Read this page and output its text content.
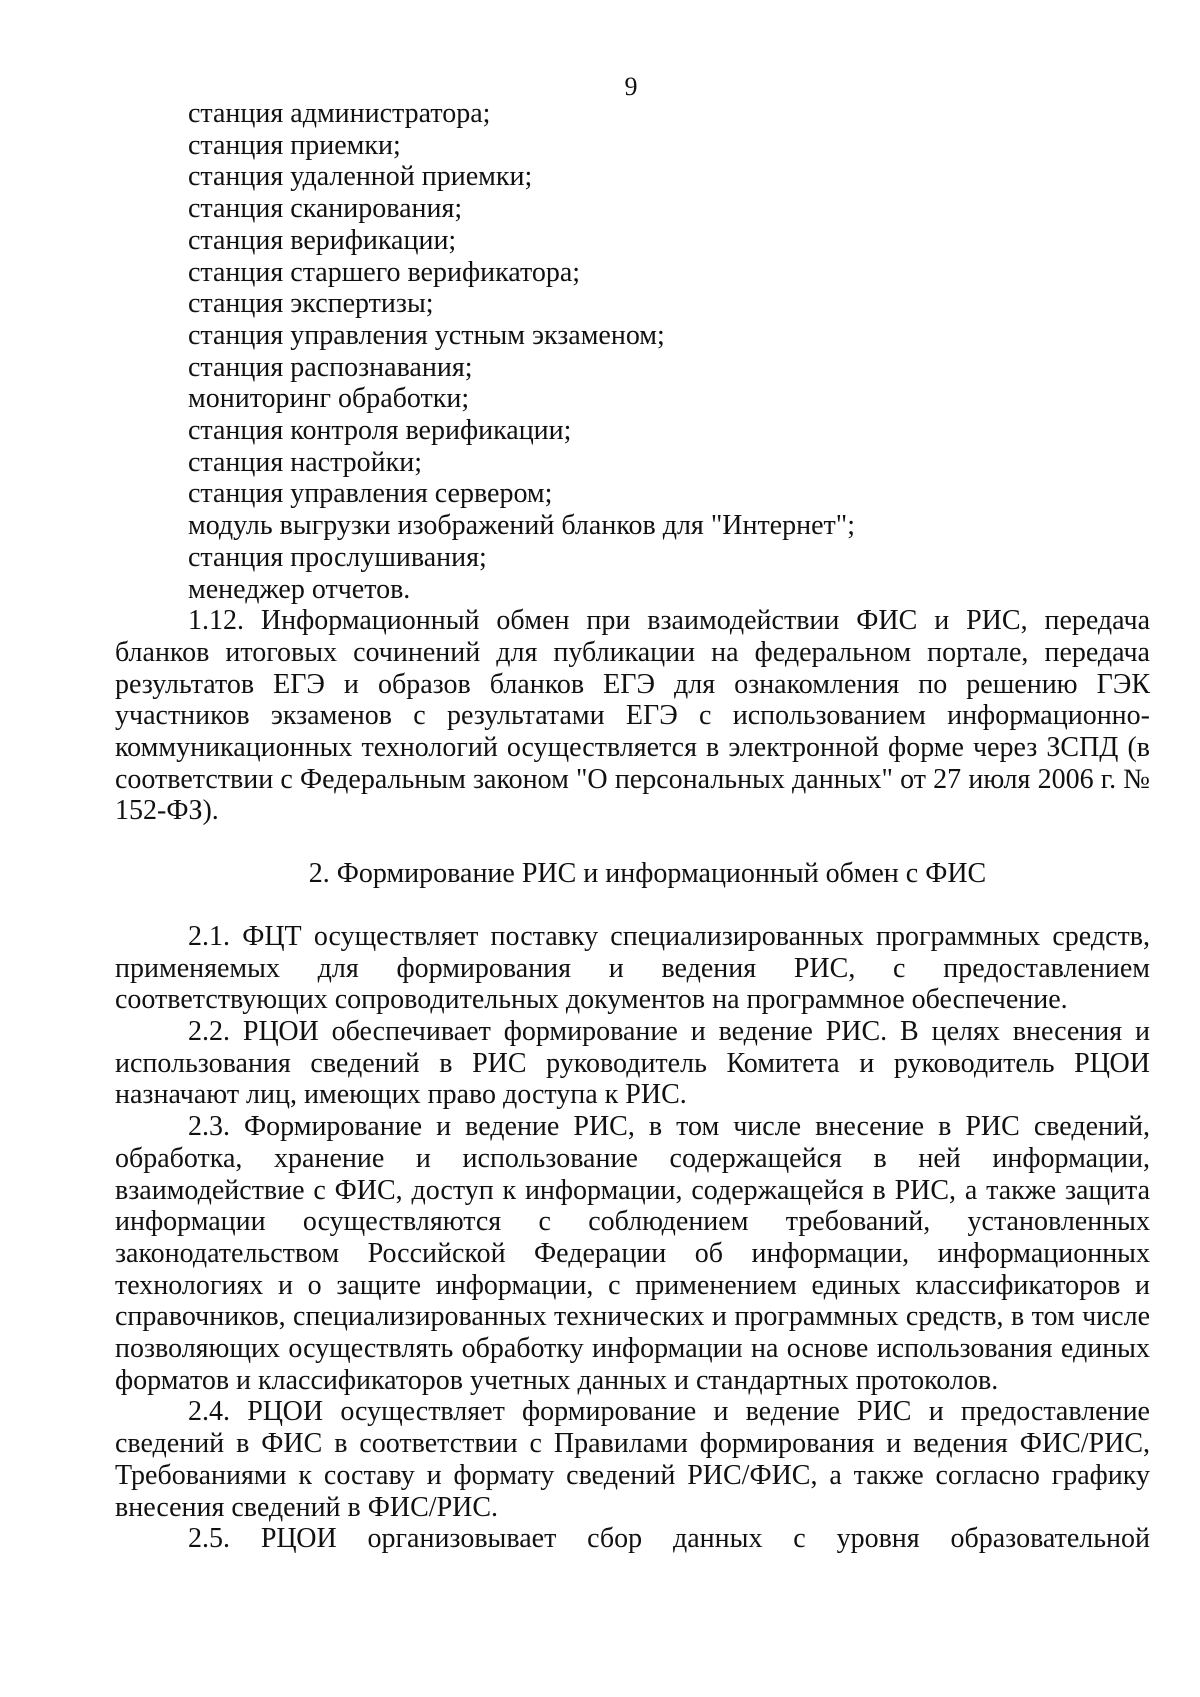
9
станция администратора;
станция приемки;
станция удаленной приемки;
станция сканирования;
станция верификации;
станция старшего верификатора;
станция экспертизы;
станция управления устным экзаменом;
станция распознавания;
мониторинг обработки;
станция контроля верификации;
станция настройки;
станция управления сервером;
модуль выгрузки изображений бланков для "Интернет";
станция прослушивания;
менеджер отчетов.

1.12. Информационный обмен при взаимодействии ФИС и РИС, передача бланков итоговых сочинений для публикации на федеральном портале, передача результатов ЕГЭ и образов бланков ЕГЭ для ознакомления по решению ГЭК участников экзаменов с результатами ЕГЭ с использованием информационно-коммуникационных технологий осуществляется в электронной форме через ЗСПД (в соответствии с Федеральным законом "О персональных данных" от 27 июля 2006 г. № 152-ФЗ).

2. Формирование РИС и информационный обмен с ФИС

2.1. ФЦТ осуществляет поставку специализированных программных средств, применяемых для формирования и ведения РИС, с предоставлением соответствующих сопроводительных документов на программное обеспечение.

2.2. РЦОИ обеспечивает формирование и ведение РИС. В целях внесения и использования сведений в РИС руководитель Комитета и руководитель РЦОИ назначают лиц, имеющих право доступа к РИС.

2.3. Формирование и ведение РИС, в том числе внесение в РИС сведений, обработка, хранение и использование содержащейся в ней информации, взаимодействие с ФИС, доступ к информации, содержащейся в РИС, а также защита информации осуществляются с соблюдением требований, установленных законодательством Российской Федерации об информации, информационных технологиях и о защите информации, с применением единых классификаторов и справочников, специализированных технических и программных средств, в том числе позволяющих осуществлять обработку информации на основе использования единых форматов и классификаторов учетных данных и стандартных протоколов.

2.4. РЦОИ осуществляет формирование и ведение РИС и предоставление сведений в ФИС в соответствии с Правилами формирования и ведения ФИС/РИС, Требованиями к составу и формату сведений РИС/ФИС, а также согласно графику внесения сведений в ФИС/РИС.

2.5. РЦОИ организовывает сбор данных с уровня образовательной
